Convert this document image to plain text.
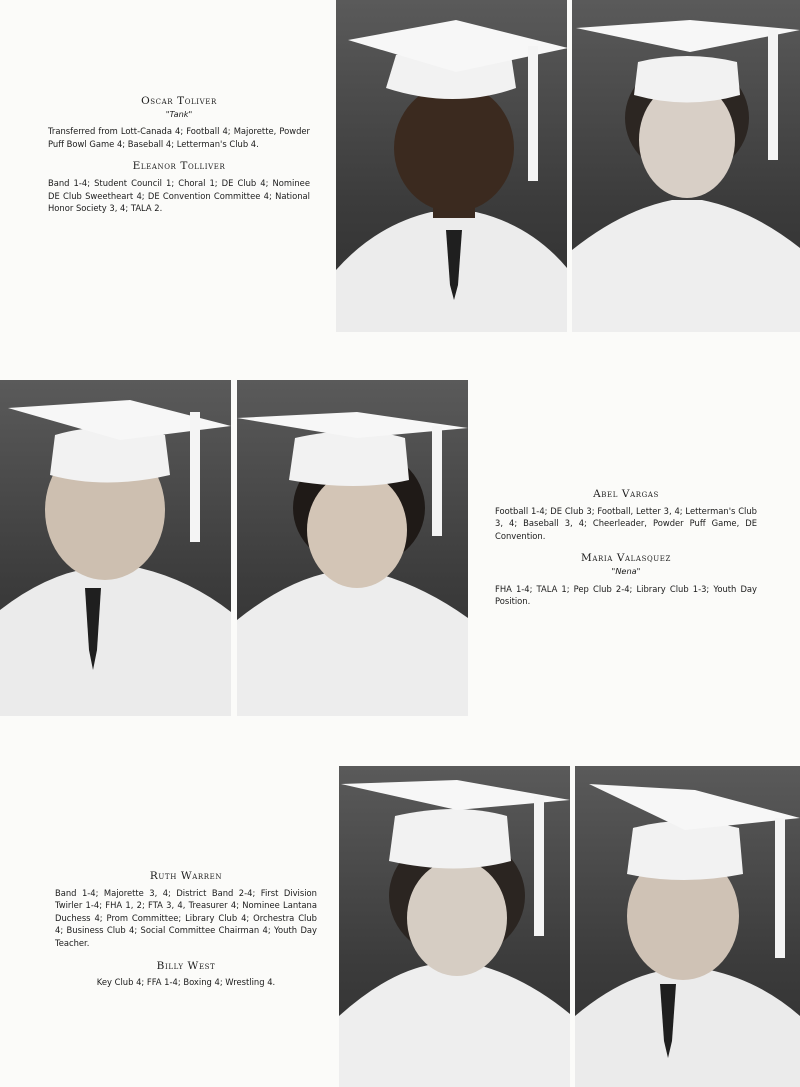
Oscar Toliver

"Tank"

Transferred from Lott-Canada 4; Football 4; Majorette, Powder Puff Bowl Game 4; Baseball 4; Letterman's Club 4.

Eleanor Tolliver

Band 1-4; Student Council 1; Choral 1; DE Club 4; Nominee DE Club Sweetheart 4; DE Convention Committee 4; National Honor Society 3, 4; TALA 2.

Abel Vargas

Football 1-4; DE Club 3; Football, Letter 3, 4; Letterman's Club 3, 4; Baseball 3, 4; Cheerleader, Powder Puff Game, DE Convention.

Maria Valasquez

"Nena"

FHA 1-4; TALA 1; Pep Club 2-4; Library Club 1-3; Youth Day Position.

Ruth Warren

Band 1-4; Majorette 3, 4; District Band 2-4; First Division Twirler 1-4; FHA 1, 2; FTA 3, 4, Treasurer 4; Nominee Lantana Duchess 4; Prom Committee; Library Club 4; Orchestra Club 4; Business Club 4; Social Committee Chairman 4; Youth Day Teacher.

Billy West

Key Club 4; FFA 1-4; Boxing 4; Wrestling 4.
